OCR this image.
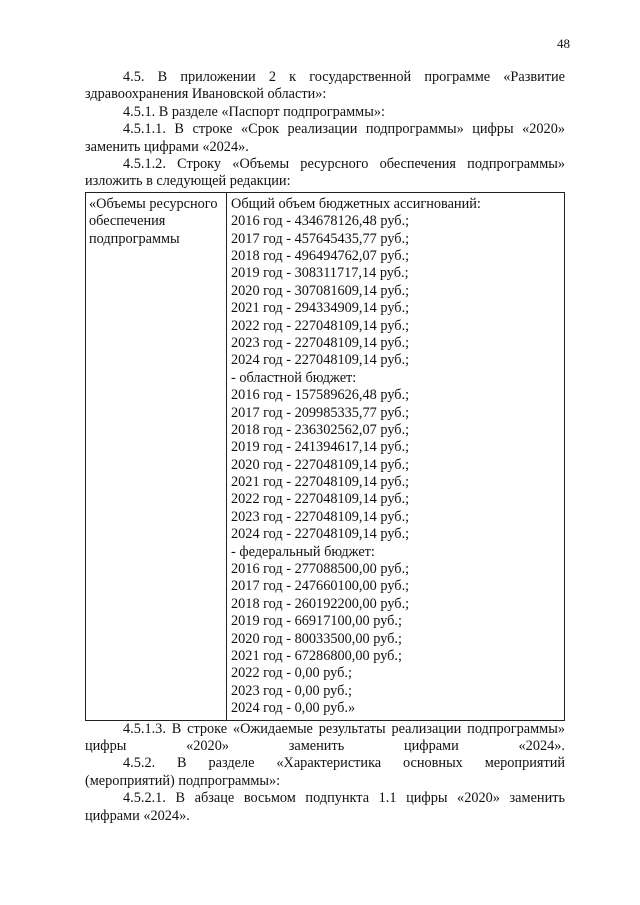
48

4.5. В приложении 2 к государственной программе «Развитие здравоохранения Ивановской области»:

4.5.1. В разделе «Паспорт подпрограммы»:

4.5.1.1. В строке «Срок реализации подпрограммы» цифры «2020» заменить цифрами «2024».

4.5.1.2. Строку «Объемы ресурсного обеспечения подпрограммы» изложить в следующей редакции:

«Объемы ресурсного
обеспечения
подпрограммы
Общий объем бюджетных ассигнований:
2016 год - 434678126,48 руб.;
2017 год - 457645435,77 руб.;
2018 год - 496494762,07 руб.;
2019 год - 308311717,14 руб.;
2020 год - 307081609,14 руб.;
2021 год - 294334909,14 руб.;
2022 год - 227048109,14 руб.;
2023 год - 227048109,14 руб.;
2024 год - 227048109,14 руб.;
- областной бюджет:
2016 год - 157589626,48 руб.;
2017 год - 209985335,77 руб.;
2018 год - 236302562,07 руб.;
2019 год - 241394617,14 руб.;
2020 год - 227048109,14 руб.;
2021 год - 227048109,14 руб.;
2022 год - 227048109,14 руб.;
2023 год - 227048109,14 руб.;
2024 год - 227048109,14 руб.;
- федеральный бюджет:
2016 год - 277088500,00 руб.;
2017 год - 247660100,00 руб.;
2018 год - 260192200,00 руб.;
2019 год - 66917100,00 руб.;
2020 год - 80033500,00 руб.;
2021 год - 67286800,00 руб.;
2022 год - 0,00 руб.;
2023 год - 0,00 руб.;
2024 год - 0,00 руб.»

4.5.1.3. В строке «Ожидаемые результаты реализации подпрограммы» цифры «2020» заменить цифрами «2024».

4.5.2. В разделе «Характеристика основных мероприятий (мероприятий) подпрограммы»:

4.5.2.1. В абзаце восьмом подпункта 1.1 цифры «2020» заменить цифрами «2024».
